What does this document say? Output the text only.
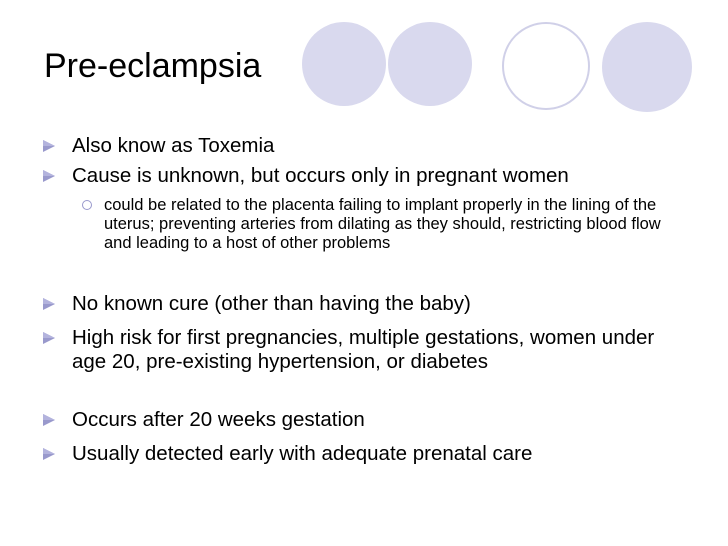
Pre-eclampsia
Also know as Toxemia
Cause is unknown, but occurs only in pregnant women
could be related to the placenta failing to implant properly in the lining of the uterus; preventing arteries from dilating as they should, restricting blood flow and leading to a host of other problems
No known cure (other than having the baby)
High risk for first pregnancies, multiple gestations, women under age 20, pre-existing hypertension, or diabetes
Occurs after 20 weeks gestation
Usually detected early with adequate prenatal care
